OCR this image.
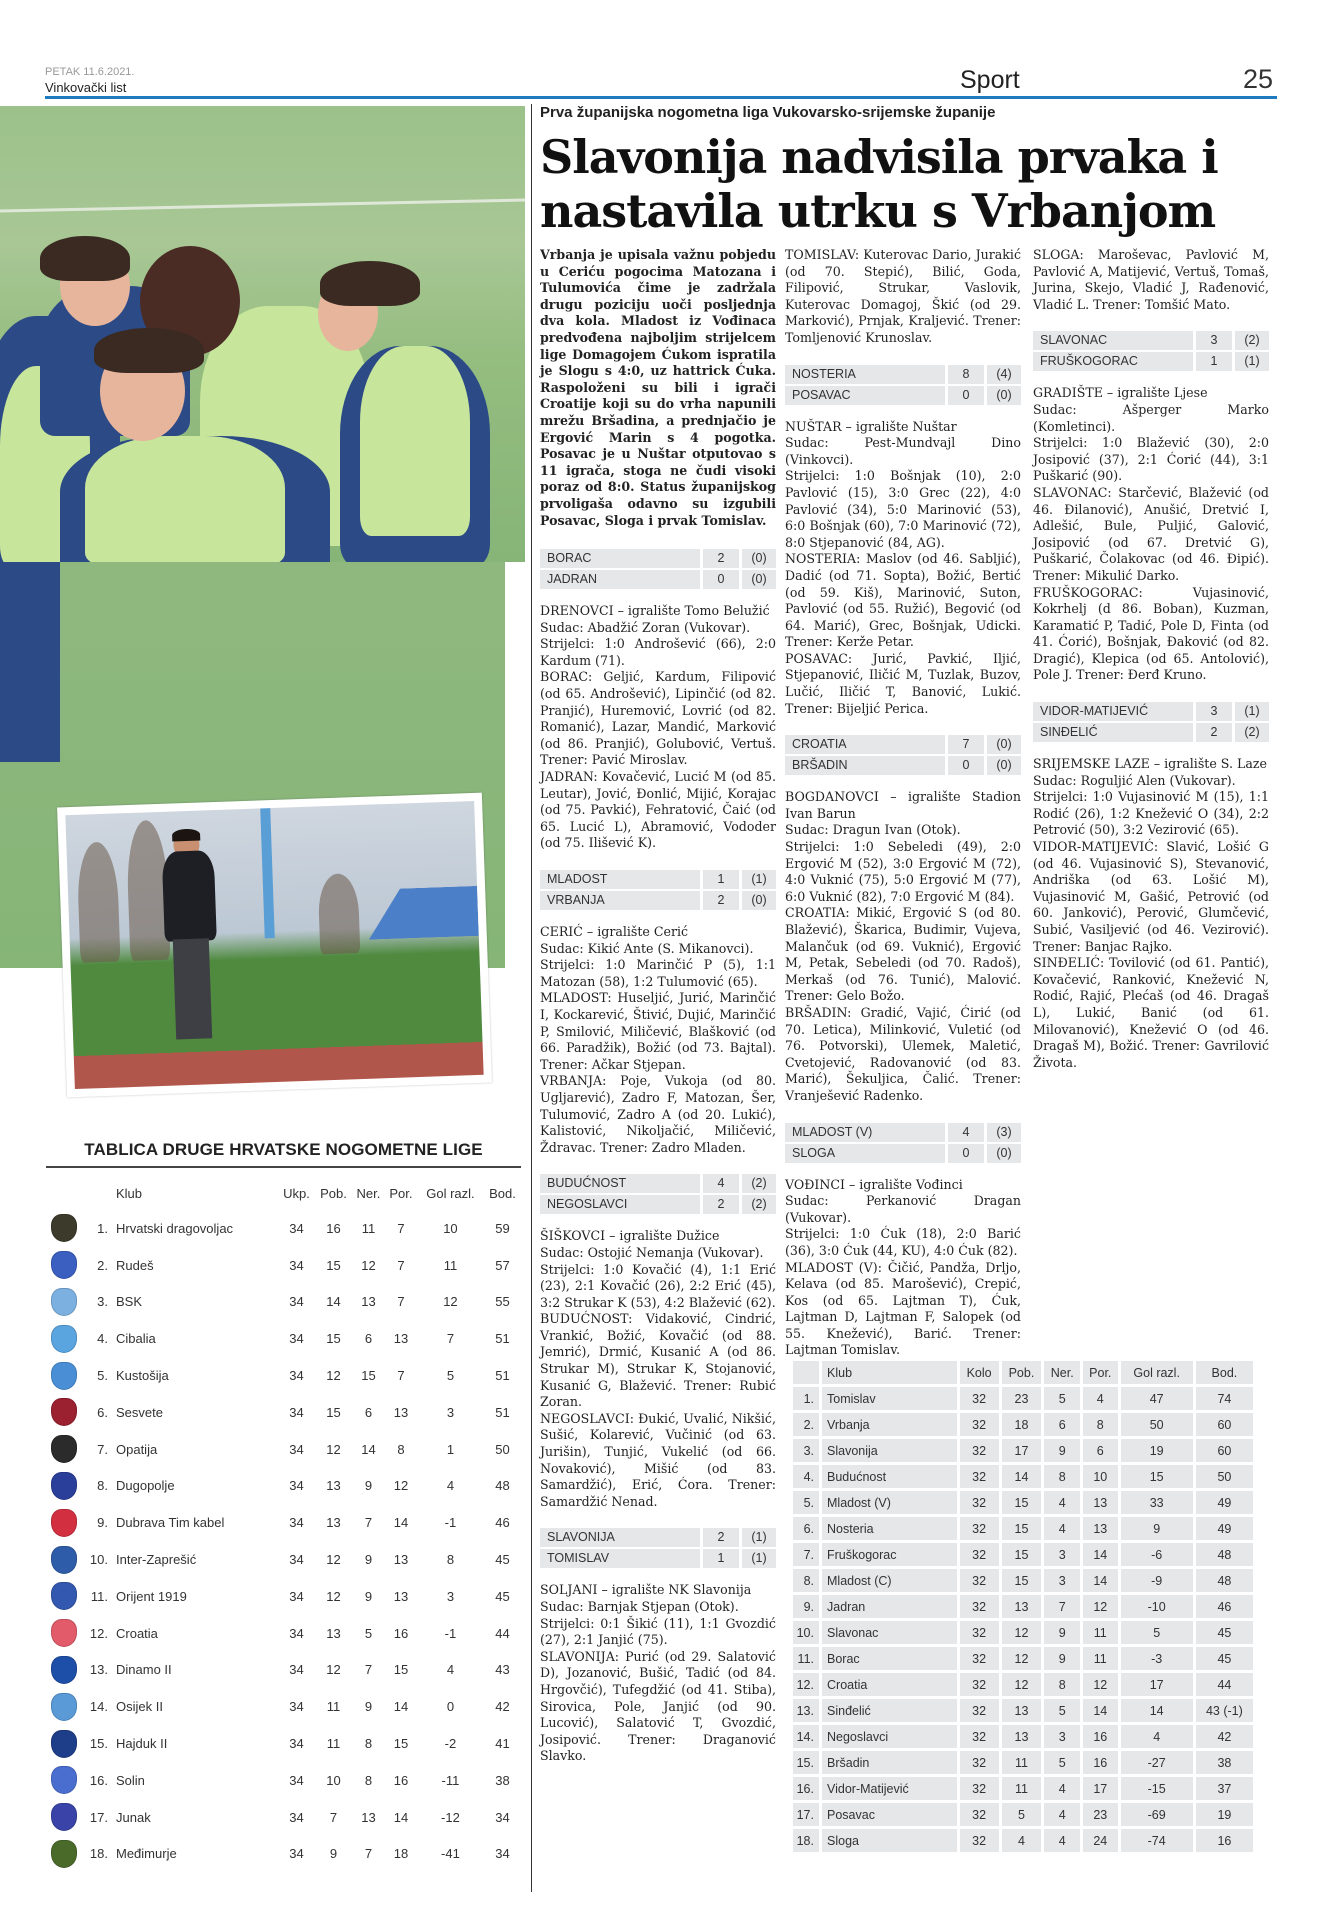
PETAK 11.6.2021.
Vinkovački list	Sport	25
TABLICA DRUGE HRVATSKE NOGOMETNE LIGE
		Klub	Ukp.	Pob.	Ner.	Por.	Gol razl.	Bod.
	1.	Hrvatski dragovoljac	34	16	11	7	10	59
	2.	Rudeš	34	15	12	7	11	57
	3.	BSK	34	14	13	7	12	55
	4.	Cibalia	34	15	6	13	7	51
	5.	Kustošija	34	12	15	7	5	51
	6.	Sesvete	34	15	6	13	3	51
	7.	Opatija	34	12	14	8	1	50
	8.	Dugopolje	34	13	9	12	4	48
	9.	Dubrava Tim kabel	34	13	7	14	-1	46
	10.	Inter-Zaprešić	34	12	9	13	8	45
	11.	Orijent 1919	34	12	9	13	3	45
	12.	Croatia	34	13	5	16	-1	44
	13.	Dinamo II	34	12	7	15	4	43
	14.	Osijek II	34	11	9	14	0	42
	15.	Hajduk II	34	11	8	15	-2	41
	16.	Solin	34	10	8	16	-11	38
	17.	Junak	34	7	13	14	-12	34
	18.	Međimurje	34	9	7	18	-41	34
Prva županijska nogometna liga Vukovarsko-srijemske županije
Slavonija nadvisila prvaka i nastavila utrku s Vrbanjom

Vrbanja je upisala važnu pobjedu u Ceriću pogocima Matozana i Tulumovića čime je zadržala drugu poziciju uoči posljednja dva kola. Mladost iz Vođinaca predvođena najboljim strijelcem lige Domagojem Ćukom ispratila je Slogu s 4:0, uz hattrick Ćuka. Raspoloženi su bili i igrači Croatije koji su do vrha napunili mrežu Bršadina, a prednjačio je Ergović Marin s 4 pogotka. Posavac je u Nuštar otputovao s 11 igrača, stoga ne čudi visoki poraz od 8:0. Status županijskog prvoligaša odavno su izgubili Posavac, Sloga i prvak Tomislav.

BORAC	2	(0)
JADRAN	0	(0)

DRENOVCI – igralište Tomo Belužić

Sudac: Abadžić Zoran (Vukovar).

Strijelci: 1:0 Androšević (66), 2:0 Kardum (71).

BORAC: Geljić, Kardum, Filipović (od 65. Androšević), Lipinčić (od 82. Pranjić), Huremović, Lovrić (od 82. Romanić), Lazar, Mandić, Marković (od 86. Pranjić), Golubović, Vertuš. Trener: Pavić Miroslav.

JADRAN: Kovačević, Lucić M (od 85. Leutar), Jović, Đonlić, Mijić, Korajac (od 75. Pavkić), Fehratović, Čaić (od 65. Lucić L), Abramović, Vododer (od 75. Ilišević K).

MLADOST	1	(1)
VRBANJA	2	(0)

CERIĆ – igralište Cerić

Sudac: Kikić Ante (S. Mikanovci).

Strijelci: 1:0 Marinčić P (5), 1:1 Matozan (58), 1:2 Tulumović (65).

MLADOST: Huseljić, Jurić, Marinčić I, Kockarević, Štivić, Dujić, Marinčić P, Smilović, Miličević, Blašković (od 66. Paradžik), Božić (od 73. Bajtal). Trener: Ačkar Stjepan.

VRBANJA: Poje, Vukoja (od 80. Ugljarević), Zadro F, Matozan, Šer, Tulumović, Zadro A (od 20. Lukić), Kalistović, Nikoljačić, Miličević, Ždravac. Trener: Zadro Mladen.

BUDUĆNOST	4	(2)
NEGOSLAVCI	2	(2)

ŠIŠKOVCI – igralište Dužice

Sudac: Ostojić Nemanja (Vukovar).

Strijelci: 1:0 Kovačić (4), 1:1 Erić (23), 2:1 Kovačić (26), 2:2 Erić (45), 3:2 Strukar K (53), 4:2 Blažević (62).

BUDUĆNOST: Vidaković, Cindrić, Vrankić, Božić, Kovačić (od 88. Jemrić), Drmić, Kusanić A (od 86. Strukar M), Strukar K, Stojanović, Kusanić G, Blažević. Trener: Rubić Zoran.

NEGOSLAVCI: Đukić, Uvalić, Nikšić, Sušić, Kolarević, Vučinić (od 63. Jurišin), Tunjić, Vukelić (od 66. Novaković), Mišić (od 83. Samardžić), Erić, Ćora. Trener: Samardžić Nenad.

SLAVONIJA	2	(1)
TOMISLAV	1	(1)

SOLJANI – igralište NK Slavonija

Sudac: Barnjak Stjepan (Otok).

Strijelci: 0:1 Šikić (11), 1:1 Gvozdić (27), 2:1 Janjić (75).

SLAVONIJA: Purić (od 29. Salatović D), Jozanović, Bušić, Tadić (od 84. Hrgovčić), Tufegdžić (od 41. Stiba), Sirovica, Pole, Janjić (od 90. Lucović), Salatović T, Gvozdić, Josipović. Trener: Draganović Slavko.

TOMISLAV: Kuterovac Dario, Jurakić (od 70. Stepić), Bilić, Goda, Filipović, Strukar, Vaslovik, Kuterovac Domagoj, Škić (od 29. Marković), Prnjak, Kraljević. Trener: Tomljenović Krunoslav.

NOSTERIA	8	(4)
POSAVAC	0	(0)

NUŠTAR – igralište Nuštar

Sudac: Pest-Mundvajl Dino (Vinkovci).

Strijelci: 1:0 Bošnjak (10), 2:0 Pavlović (15), 3:0 Grec (22), 4:0 Pavlović (34), 5:0 Marinović (53), 6:0 Bošnjak (60), 7:0 Marinović (72), 8:0 Stjepanović (84, AG).

NOSTERIA: Maslov (od 46. Sabljić), Dadić (od 71. Sopta), Božić, Bertić (od 59. Kiš), Marinović, Suton, Pavlović (od 55. Ružić), Begović (od 64. Marić), Grec, Bošnjak, Udicki. Trener: Kerže Petar.

POSAVAC: Jurić, Pavkić, Iljić, Stjepanović, Iličić M, Tuzlak, Buzov, Lučić, Iličić T, Banović, Lukić. Trener: Bijeljić Perica.

CROATIA	7	(0)
BRŠADIN	0	(0)

BOGDANOVCI – igralište Stadion Ivan Barun

Sudac: Dragun Ivan (Otok).

Strijelci: 1:0 Sebeledi (49), 2:0 Ergović M (52), 3:0 Ergović M (72), 4:0 Vuknić (75), 5:0 Ergović M (77), 6:0 Vuknić (82), 7:0 Ergović M (84).

CROATIA: Mikić, Ergović S (od 80. Blažević), Škarica, Budimir, Vujeva, Malančuk (od 69. Vuknić), Ergović M, Petak, Sebeledi (od 70. Radoš), Merkaš (od 76. Tunić), Malović. Trener: Gelo Božo.

BRŠADIN: Gradić, Vajić, Ćirić (od 70. Letica), Milinković, Vuletić (od 76. Potvorski), Ulemek, Maletić, Cvetojević, Radovanović (od 83. Marić), Šekuljica, Čalić. Trener: Vranješević Radenko.

MLADOST (V)	4	(3)
SLOGA	0	(0)

VOĐINCI – igralište Vođinci

Sudac: Perkanović Dragan (Vukovar).

Strijelci: 1:0 Ćuk (18), 2:0 Barić (36), 3:0 Ćuk (44, KU), 4:0 Ćuk (82).

MLADOST (V): Čičić, Pandža, Drljo, Kelava (od 85. Marošević), Crepić, Kos (od 65. Lajtman T), Ćuk, Lajtman D, Lajtman F, Salopek (od 55. Knežević), Barić. Trener: Lajtman Tomislav.

SLOGA: Maroševac, Pavlović M, Pavlović A, Matijević, Vertuš, Tomaš, Jurina, Skejo, Vladić J, Rađenović, Vladić L. Trener: Tomšić Mato.

SLAVONAC	3	(2)
FRUŠKOGORAC	1	(1)

GRADIŠTE – igralište Ljese

Sudac: Ašperger Marko (Komletinci).

Strijelci: 1:0 Blažević (30), 2:0 Josipović (37), 2:1 Ćorić (44), 3:1 Puškarić (90).

SLAVONAC: Starčević, Blažević (od 46. Đilanović), Anušić, Dretvić I, Adlešić, Bule, Puljić, Galović, Josipović (od 67. Dretvić G), Puškarić, Čolakovac (od 46. Đipić). Trener: Mikulić Darko.

FRUŠKOGORAC: Vujasinović, Kokrhelj (d 86. Boban), Kuzman, Karamatić P, Tadić, Pole D, Finta (od 41. Ćorić), Bošnjak, Đaković (od 82. Dragić), Klepica (od 65. Antolović), Pole J. Trener: Đerđ Kruno.

VIDOR-MATIJEVIĆ	3	(1)
SINĐELIĆ	2	(2)

SRIJEMSKE LAZE – igralište S. Laze

Sudac: Roguljić Alen (Vukovar).

Strijelci: 1:0 Vujasinović M (15), 1:1 Rodić (26), 1:2 Knežević O (34), 2:2 Petrović (50), 3:2 Vezirović (65).

VIDOR-MATIJEVIĆ: Slavić, Lošić G (od 46. Vujasinović S), Stevanović, Andriška (od 63. Lošić M), Vujasinović M, Gašić, Petrović (od 60. Janković), Perović, Glumčević, Subić, Vasiljević (od 46. Vezirović). Trener: Banjac Rajko.

SINĐELIĆ: Tovilović (od 61. Pantić), Kovačević, Ranković, Knežević N, Rodić, Rajić, Plećaš (od 46. Dragaš L), Lukić, Banić (od 61. Milovanović), Knežević O (od 46. Dragaš M), Božić. Trener: Gavrilović Života.

	Klub	Kolo	Pob.	Ner.	Por.	Gol razl.	Bod.
1.	Tomislav	32	23	5	4	47	74
2.	Vrbanja	32	18	6	8	50	60
3.	Slavonija	32	17	9	6	19	60
4.	Budućnost	32	14	8	10	15	50
5.	Mladost (V)	32	15	4	13	33	49
6.	Nosteria	32	15	4	13	9	49
7.	Fruškogorac	32	15	3	14	-6	48
8.	Mladost (C)	32	15	3	14	-9	48
9.	Jadran	32	13	7	12	-10	46
10.	Slavonac	32	12	9	11	5	45
11.	Borac	32	12	9	11	-3	45
12.	Croatia	32	12	8	12	17	44
13.	Sinđelić	32	13	5	14	14	43 (-1)
14.	Negoslavci	32	13	3	16	4	42
15.	Bršadin	32	11	5	16	-27	38
16.	Vidor-Matijević	32	11	4	17	-15	37
17.	Posavac	32	5	4	23	-69	19
18.	Sloga	32	4	4	24	-74	16
